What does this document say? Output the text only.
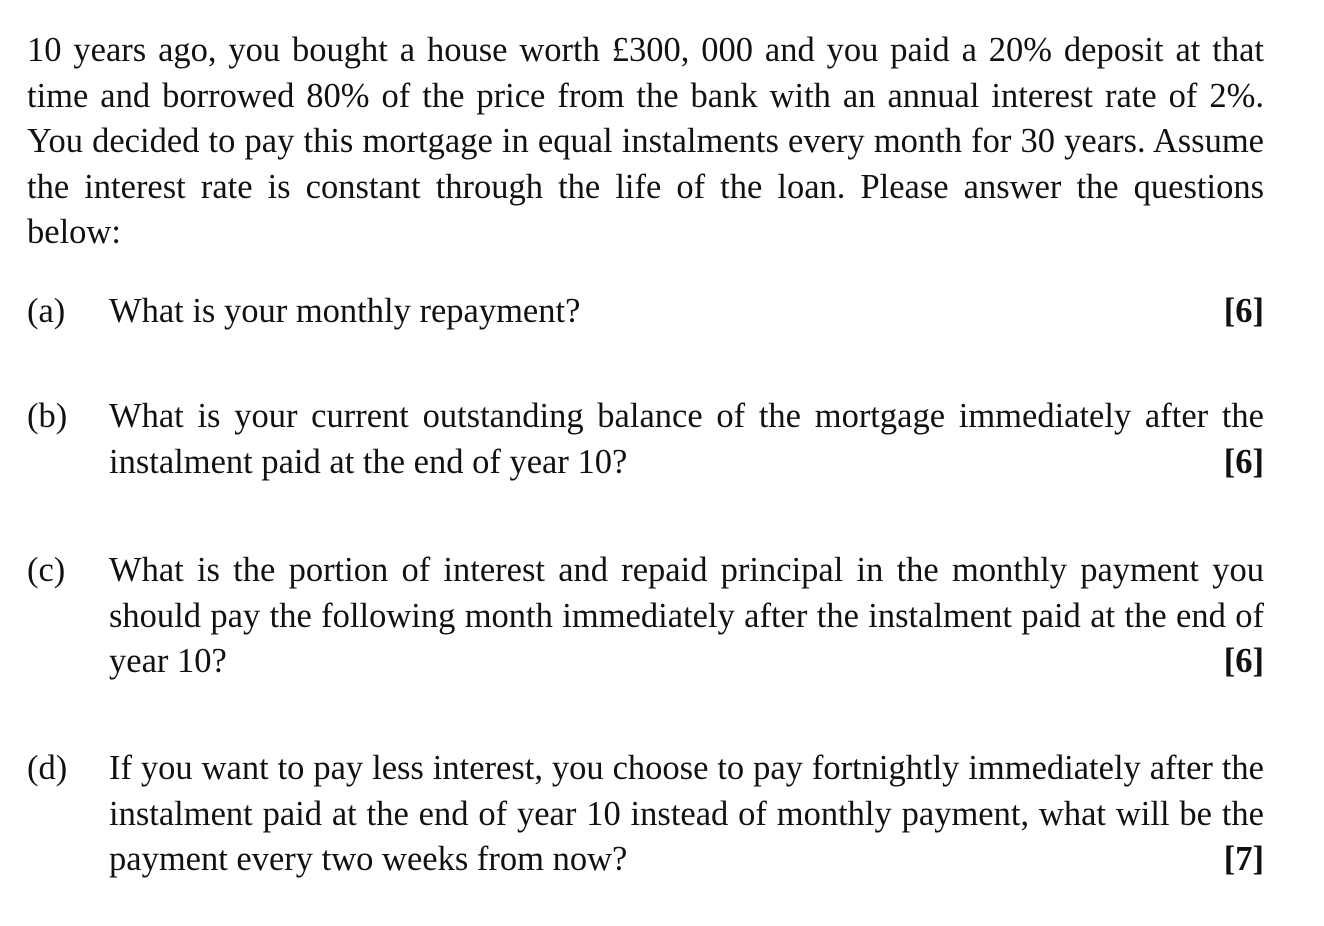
10 years ago, you bought a house worth £300, 000 and you paid a 20% deposit at that time and borrowed 80% of the price from the bank with an annual interest rate of 2%. You decided to pay this mortgage in equal instalments every month for 30 years. Assume the interest rate is constant through the life of the loan. Please answer the questions below:

(a)	[6]
What is your monthly repayment?
(b) What is your current outstanding balance of the mortgage immediately after the instalment paid at the end of year 10?	[6]
(c) What is the portion of interest and repaid principal in the monthly payment you should pay the following month immediately after the instalment paid at the end of year 10?	[6]
(d) If you want to pay less interest, you choose to pay fortnightly immediately after the instalment paid at the end of year 10 instead of monthly payment, what will be the payment every two weeks from now?	[7]
